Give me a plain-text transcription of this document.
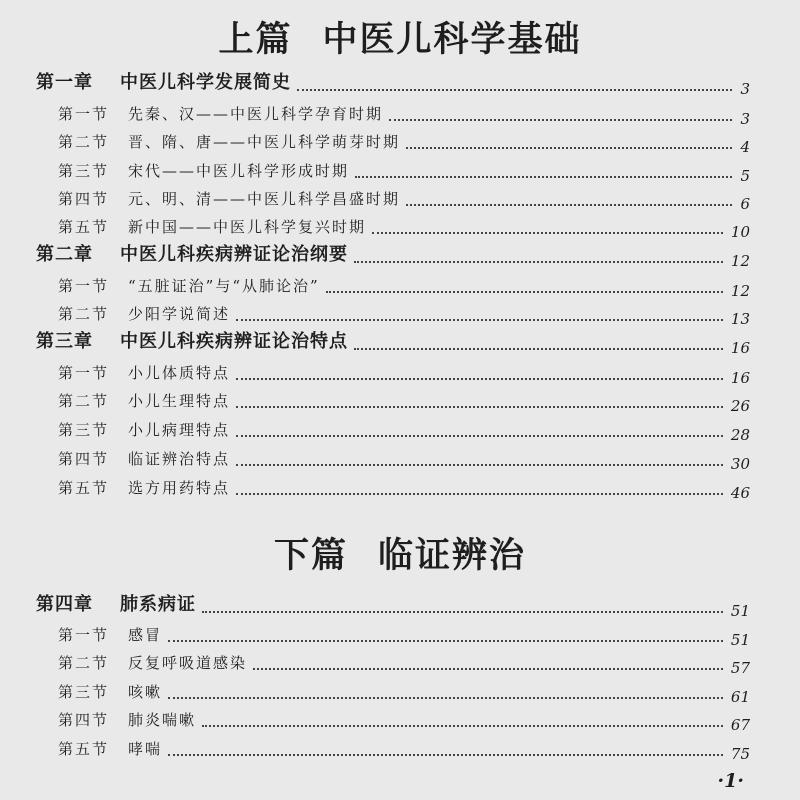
上篇 中医儿科学基础
第一章 中医儿科学发展简史	3
第一节 先秦、汉——中医儿科学孕育时期	3
第二节 晋、隋、唐——中医儿科学萌芽时期	4
第三节 宋代——中医儿科学形成时期	5
第四节 元、明、清——中医儿科学昌盛时期	6
第五节 新中国——中医儿科学复兴时期	10
第二章 中医儿科疾病辨证论治纲要	12
第一节 “五脏证治”与“从肺论治”	12
第二节 少阳学说简述	13
第三章 中医儿科疾病辨证论治特点	16
第一节 小儿体质特点	16
第二节 小儿生理特点	26
第三节 小儿病理特点	28
第四节 临证辨治特点	30
第五节 选方用药特点	46
下篇 临证辨治
第四章 肺系病证	51
第一节 感冒	51
第二节 反复呼吸道感染	57
第三节 咳嗽	61
第四节 肺炎喘嗽	67
第五节 哮喘	75
·1·
